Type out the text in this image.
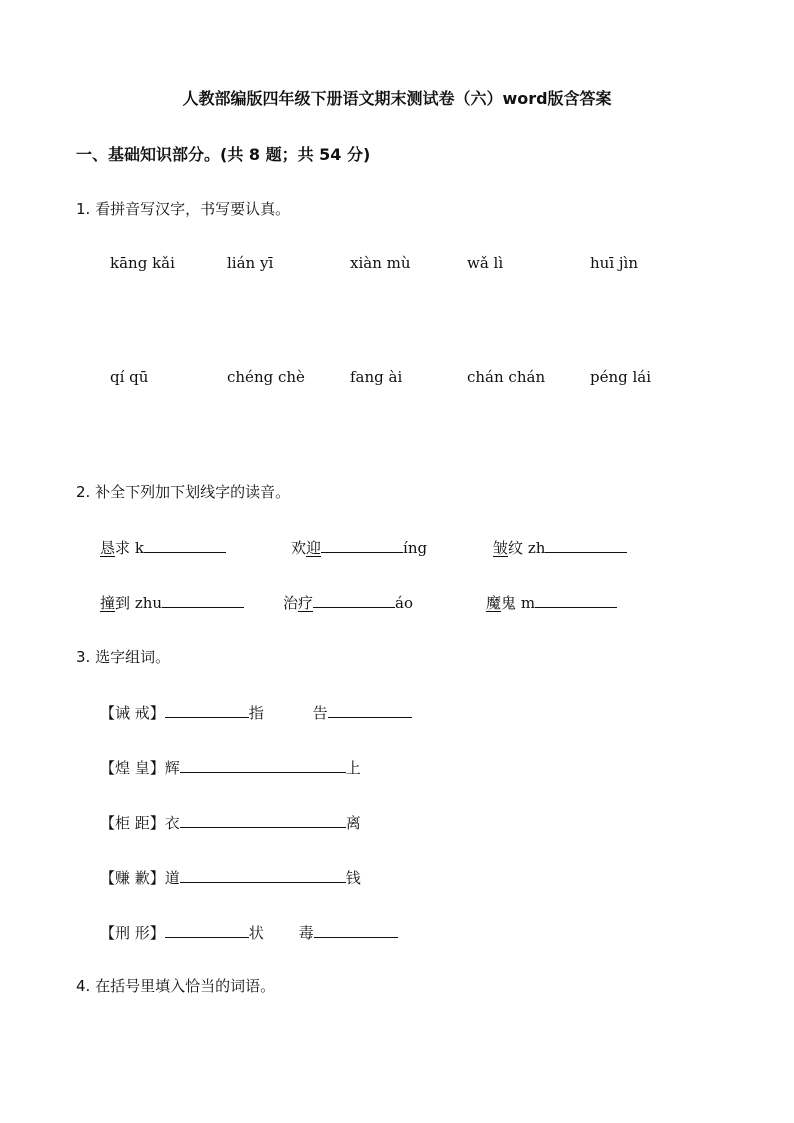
人教部编版四年级下册语文期末测试卷（六）word版含答案
一、基础知识部分。(共 8 题；共 54 分)
1. 看拼音写汉字，书写要认真。
kāng kǎi	lián yī	xiàn mù	wǎ lì	huī jìn
qí qū	chéng chè	fang ài	chán chán	péng lái
2. 补全下列加下划线字的读音。
恳求 k	欢迎	íng	皱纹 zh
撞到 zhu	治疗	áo	魔鬼 m
3. 选字组词。
【诫 戒】	指	告
【煌 皇】辉	上
【柜 距】衣	离
【赚 歉】道	钱
【刑 形】	状 毒
4. 在括号里填入恰当的词语。
